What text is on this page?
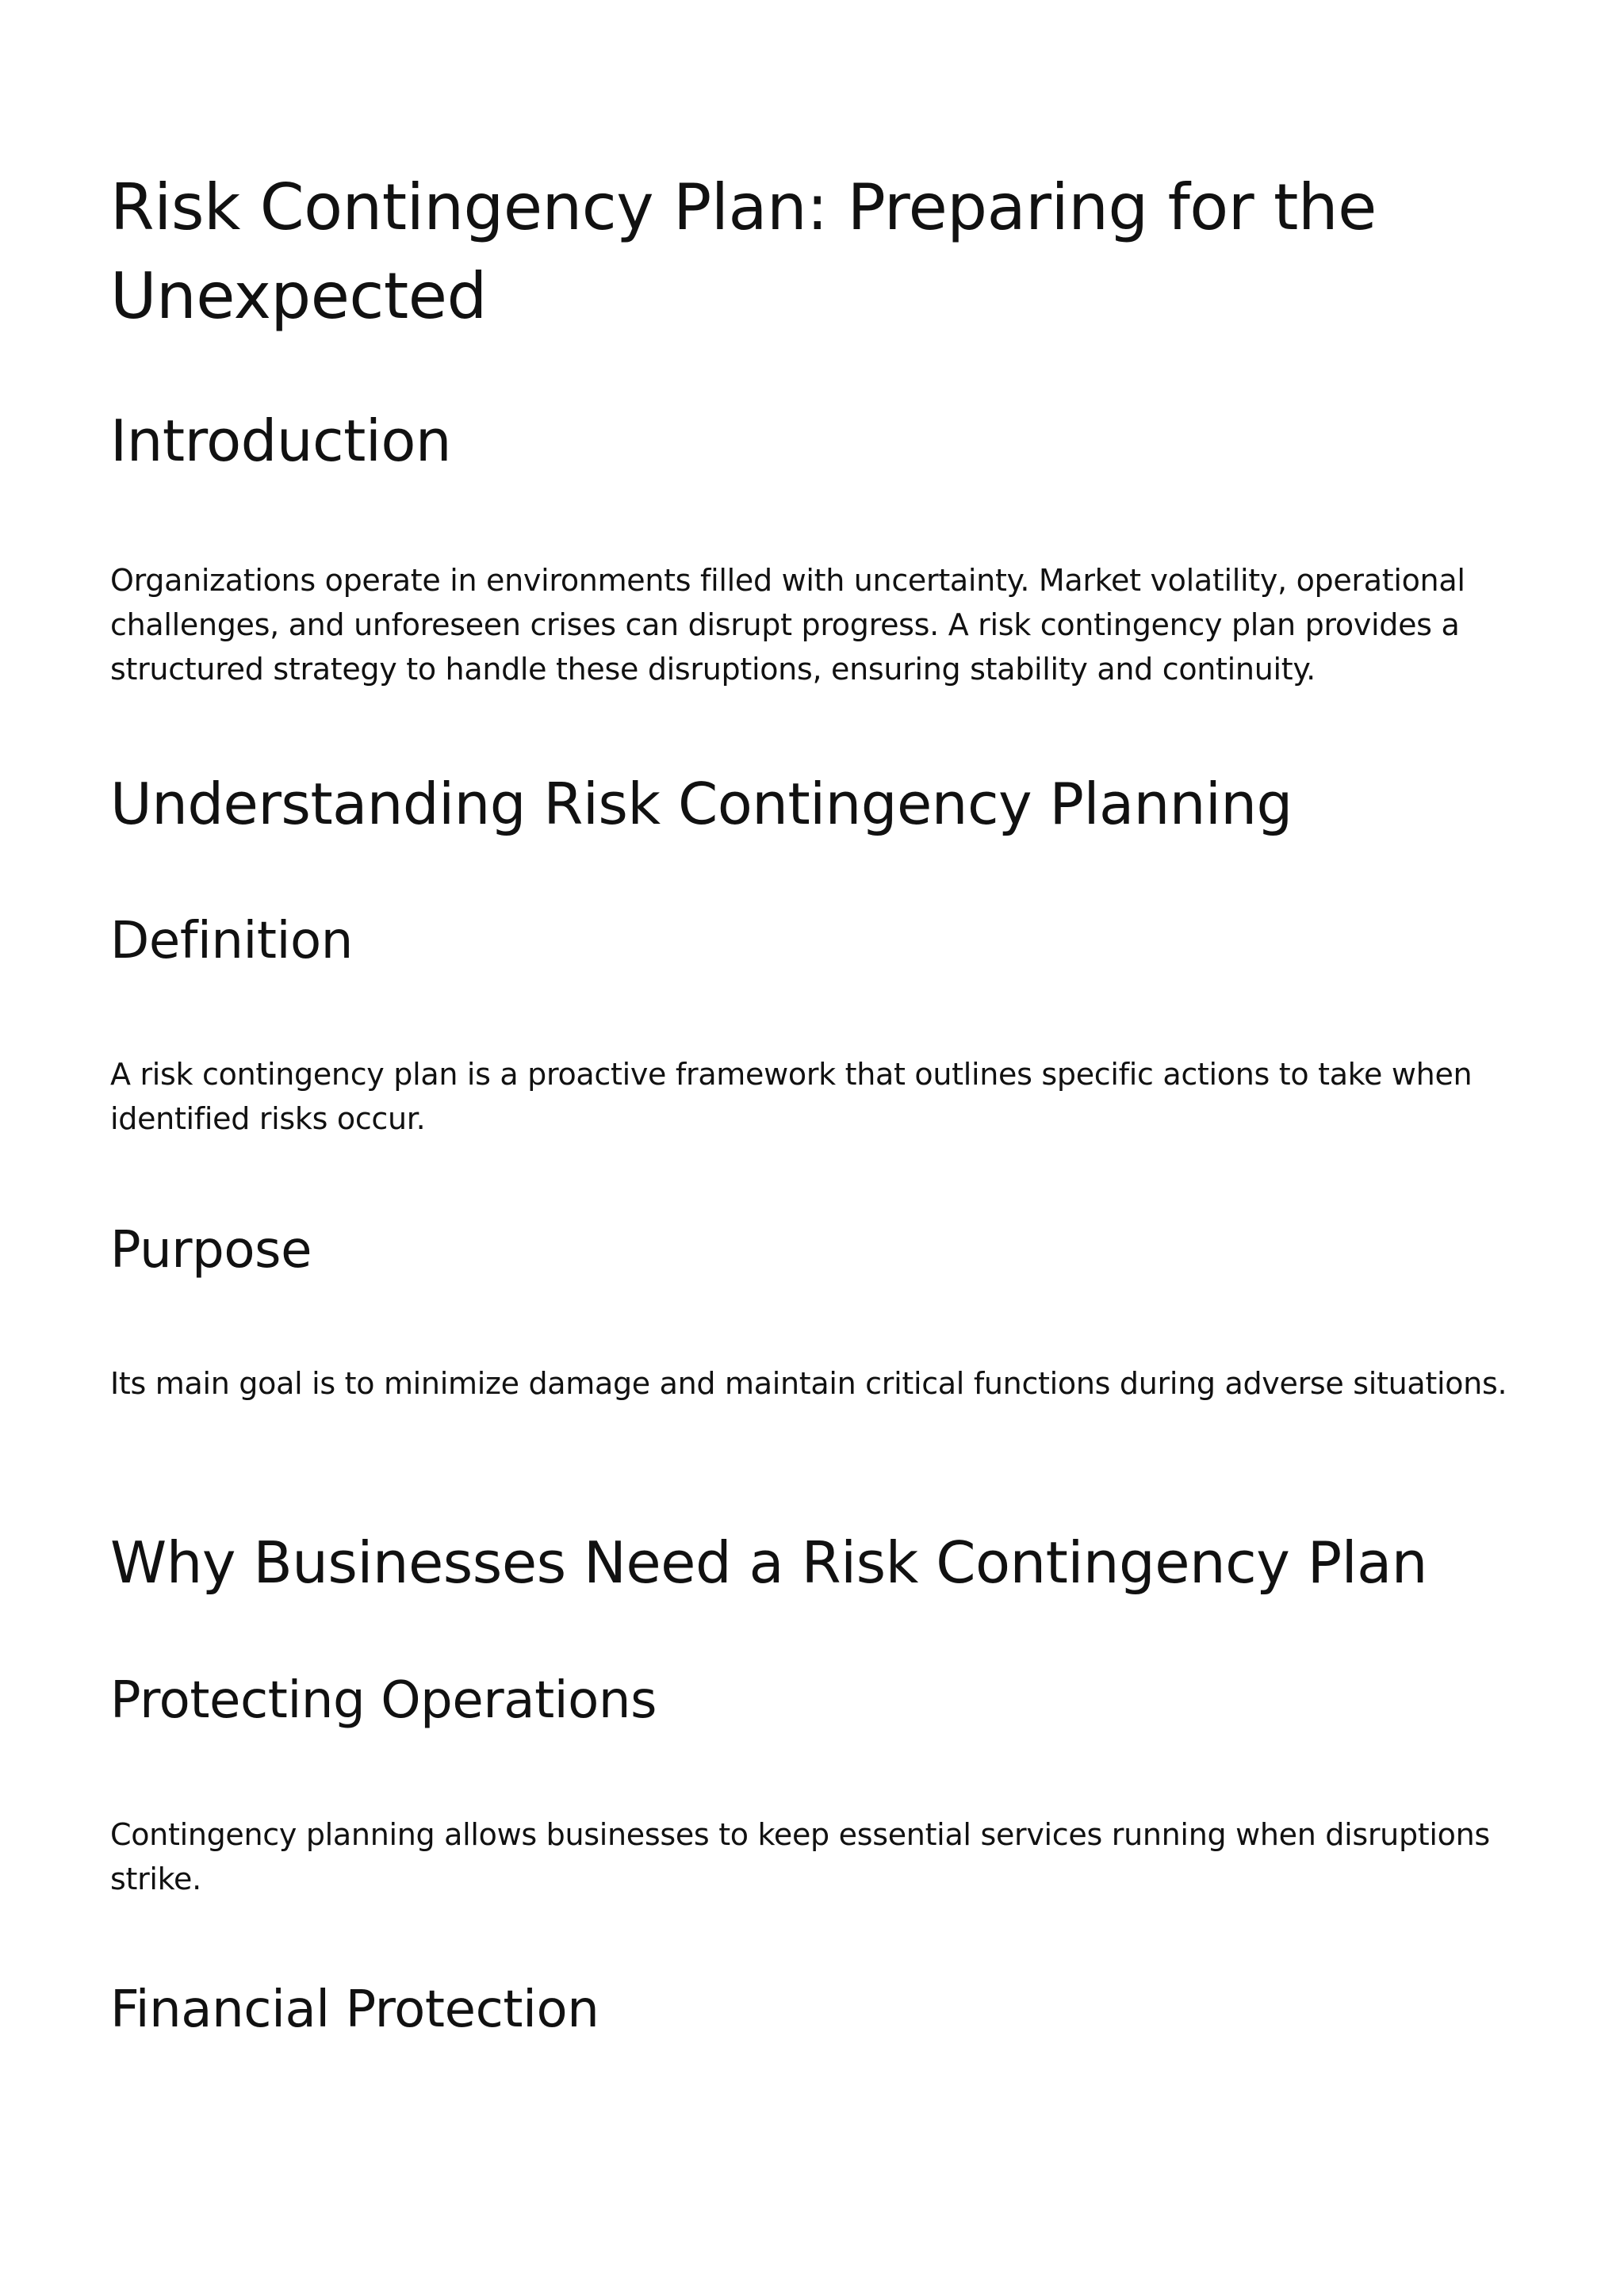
Risk Contingency Plan: Preparing for the Unexpected
Introduction

Organizations operate in environments filled with uncertainty. Market volatility, operational challenges, and unforeseen crises can disrupt progress. A risk contingency plan provides a structured strategy to handle these disruptions, ensuring stability and continuity.

Understanding Risk Contingency Planning
Definition

A risk contingency plan is a proactive framework that outlines specific actions to take when identified risks occur.

Purpose

Its main goal is to minimize damage and maintain critical functions during adverse situations.

Why Businesses Need a Risk Contingency Plan
Protecting Operations

Contingency planning allows businesses to keep essential services running when disruptions strike.

Financial Protection
